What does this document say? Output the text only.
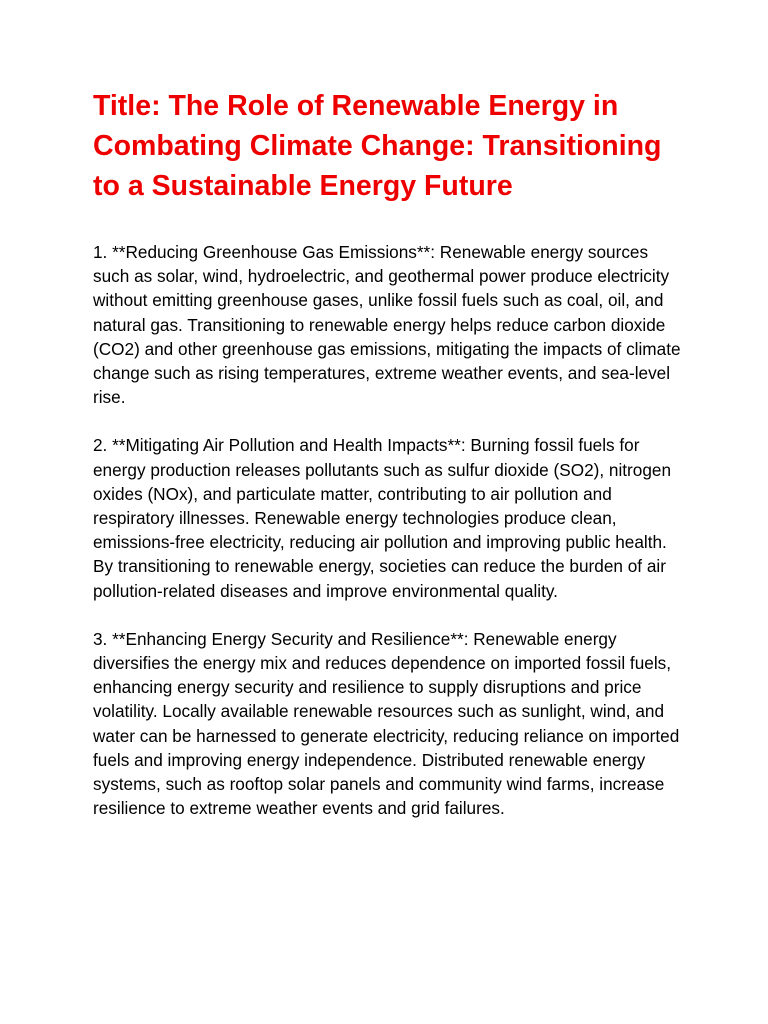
Title: The Role of Renewable Energy in Combating Climate Change: Transitioning to a Sustainable Energy Future

1. **Reducing Greenhouse Gas Emissions**: Renewable energy sources such as solar, wind, hydroelectric, and geothermal power produce electricity without emitting greenhouse gases, unlike fossil fuels such as coal, oil, and natural gas. Transitioning to renewable energy helps reduce carbon dioxide (CO2) and other greenhouse gas emissions, mitigating the impacts of climate change such as rising temperatures, extreme weather events, and sea-level rise.

2. **Mitigating Air Pollution and Health Impacts**: Burning fossil fuels for energy production releases pollutants such as sulfur dioxide (SO2), nitrogen oxides (NOx), and particulate matter, contributing to air pollution and respiratory illnesses. Renewable energy technologies produce clean, emissions-free electricity, reducing air pollution and improving public health. By transitioning to renewable energy, societies can reduce the burden of air pollution-related diseases and improve environmental quality.

3. **Enhancing Energy Security and Resilience**: Renewable energy diversifies the energy mix and reduces dependence on imported fossil fuels, enhancing energy security and resilience to supply disruptions and price volatility. Locally available renewable resources such as sunlight, wind, and water can be harnessed to generate electricity, reducing reliance on imported fuels and improving energy independence. Distributed renewable energy systems, such as rooftop solar panels and community wind farms, increase resilience to extreme weather events and grid failures.
